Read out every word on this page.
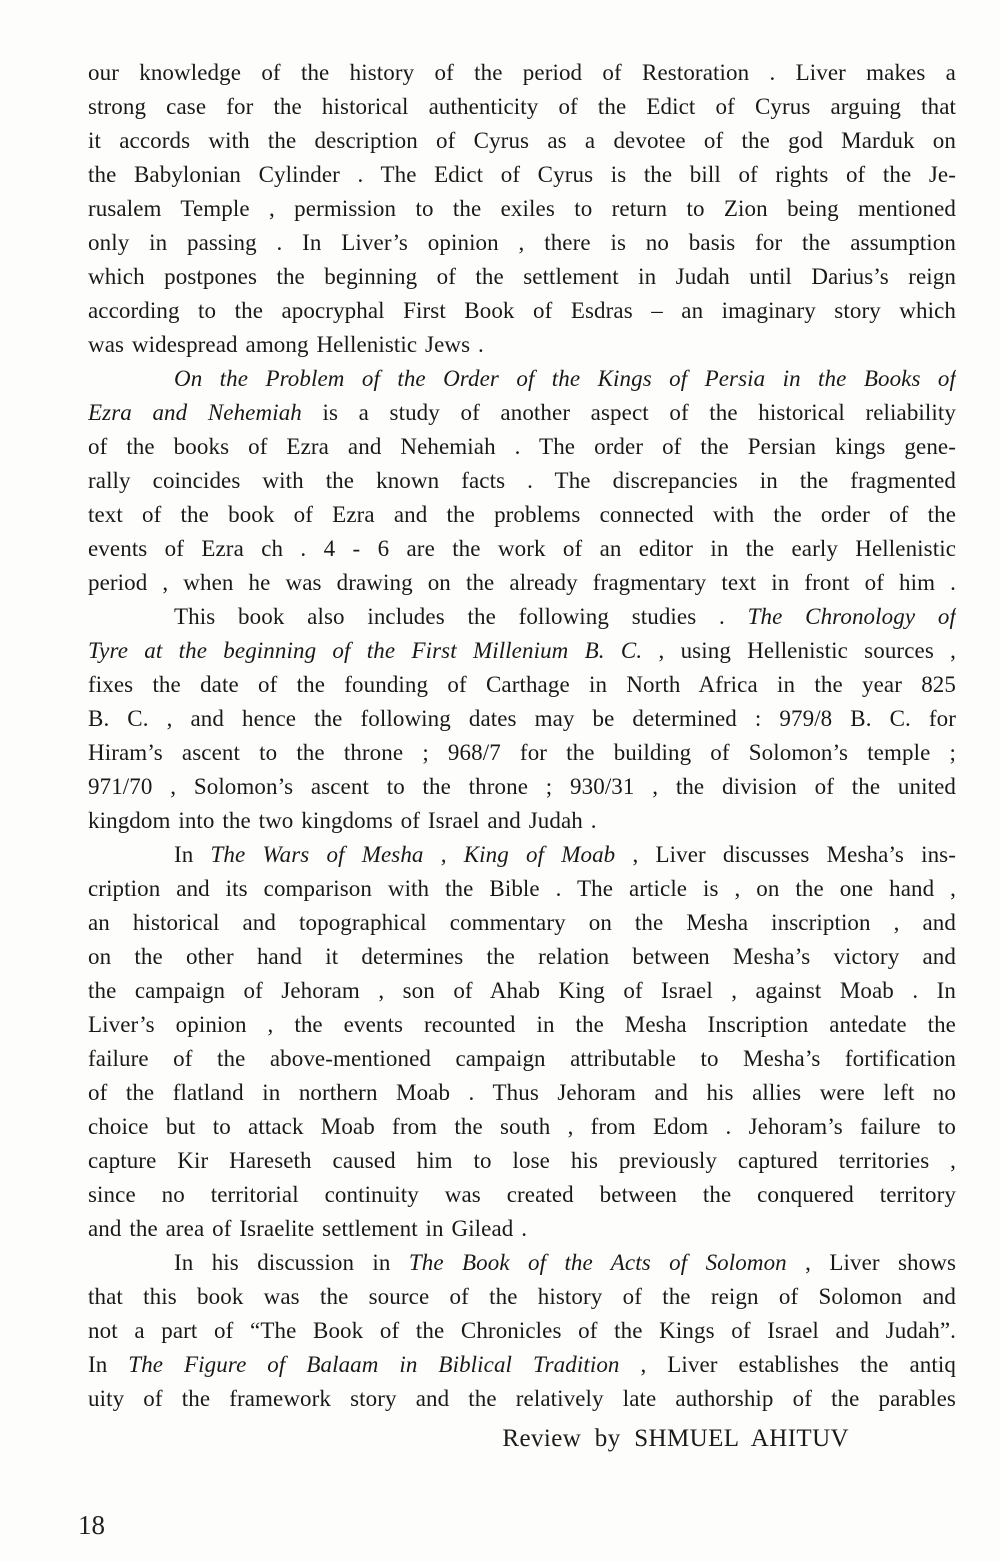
our knowledge of the history of the period of Restoration . Liver makes a
strong case for the historical authenticity of the Edict of Cyrus arguing that
it accords with the description of Cyrus as a devotee of the god Marduk on
the Babylonian Cylinder . The Edict of Cyrus is the bill of rights of the Je-
rusalem Temple , permission to the exiles to return to Zion being mentioned
only in passing . In Liver’s opinion , there is no basis for the assumption
which postpones the beginning of the settlement in Judah until Darius’s reign
according to the apocryphal First Book of Esdras – an imaginary story which
was widespread among Hellenistic Jews .
On the Problem of the Order of the Kings of Persia in the Books of
Ezra and Nehemiah is a study of another aspect of the historical reliability
of the books of Ezra and Nehemiah . The order of the Persian kings gene-
rally coincides with the known facts . The discrepancies in the fragmented
text of the book of Ezra and the problems connected with the order of the
events of Ezra ch . 4 - 6 are the work of an editor in the early Hellenistic
period , when he was drawing on the already fragmentary text in front of him .
This book also includes the following studies . The Chronology of
Tyre at the beginning of the First Millenium B. C. , using Hellenistic sources ,
fixes the date of the founding of Carthage in North Africa in the year 825
B. C. , and hence the following dates may be determined : 979/8 B. C. for
Hiram’s ascent to the throne ; 968/7 for the building of Solomon’s temple ;
971/70 , Solomon’s ascent to the throne ; 930/31 , the division of the united
kingdom into the two kingdoms of Israel and Judah .
In The Wars of Mesha , King of Moab , Liver discusses Mesha’s ins-
cription and its comparison with the Bible . The article is , on the one hand ,
an historical and topographical commentary on the Mesha inscription , and
on the other hand it determines the relation between Mesha’s victory and
the campaign of Jehoram , son of Ahab King of Israel , against Moab . In
Liver’s opinion , the events recounted in the Mesha Inscription antedate the
failure of the above-mentioned campaign attributable to Mesha’s fortification
of the flatland in northern Moab . Thus Jehoram and his allies were left no
choice but to attack Moab from the south , from Edom . Jehoram’s failure to
capture Kir Hareseth caused him to lose his previously captured territories ,
since no territorial continuity was created between the conquered territory
and the area of Israelite settlement in Gilead .
In his discussion in The Book of the Acts of Solomon , Liver shows
that this book was the source of the history of the reign of Solomon and
not a part of “The Book of the Chronicles of the Kings of Israel and Judah”.
In The Figure of Balaam in Biblical Tradition , Liver establishes the antiq
uity of the framework story and the relatively late authorship of the parables
Review by SHMUEL AHITUV
18
